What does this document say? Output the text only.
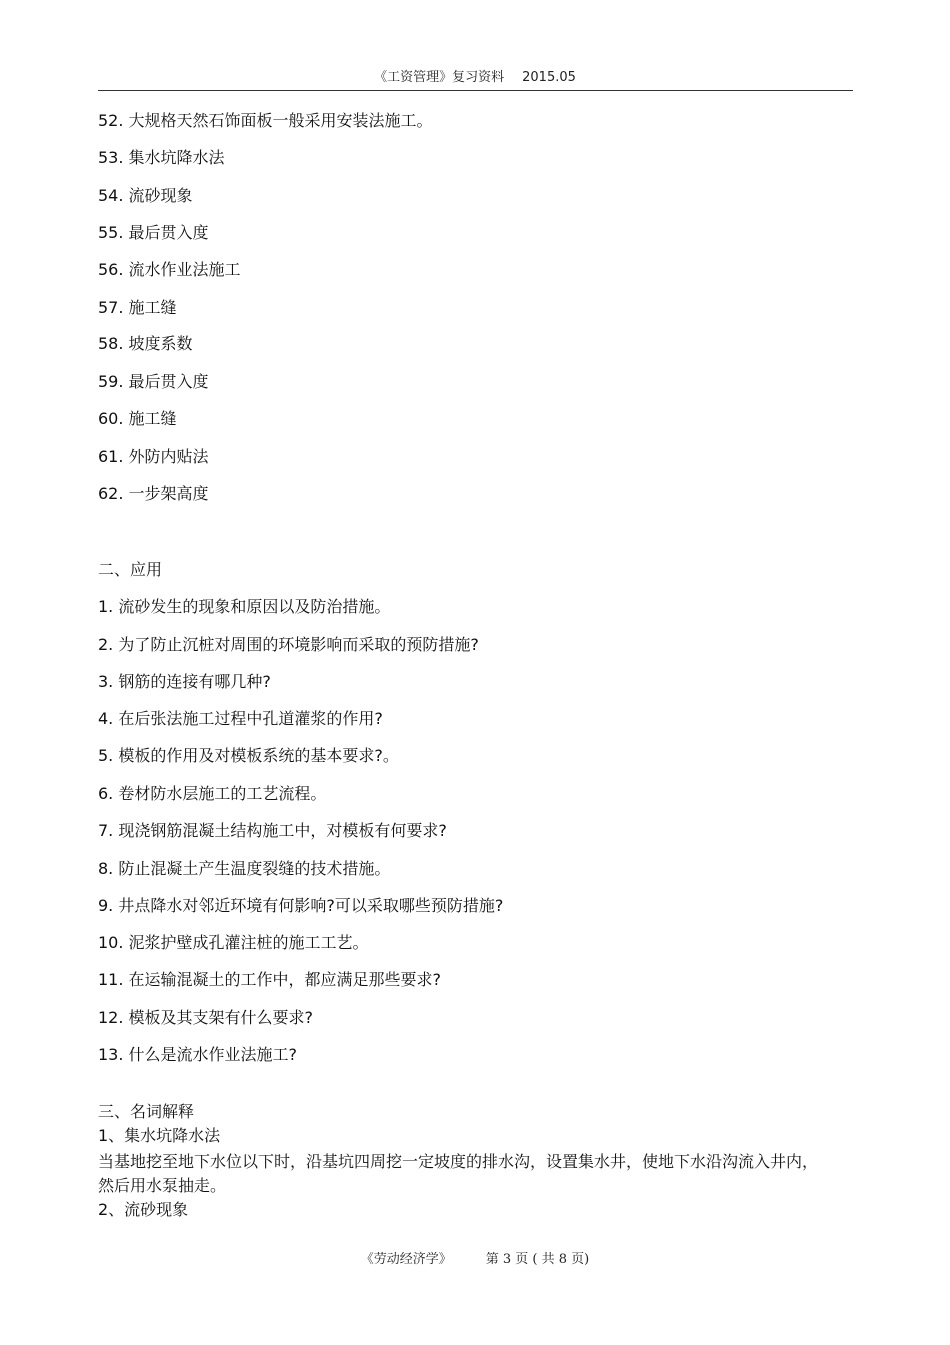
《工资管理》复习资料 2015.05
52. 大规格天然石饰面板一般采用安装法施工。
53. 集水坑降水法
54. 流砂现象
55. 最后贯入度
56. 流水作业法施工
57. 施工缝
58. 坡度系数
59. 最后贯入度
60. 施工缝
61. 外防内贴法
62. 一步架高度
二、应用
1. 流砂发生的现象和原因以及防治措施。
2. 为了防止沉桩对周围的环境影响而采取的预防措施?
3. 钢筋的连接有哪几种?
4. 在后张法施工过程中孔道灌浆的作用?
5. 模板的作用及对模板系统的基本要求?。
6. 卷材防水层施工的工艺流程。
7. 现浇钢筋混凝土结构施工中，对模板有何要求?
8. 防止混凝土产生温度裂缝的技术措施。
9. 井点降水对邻近环境有何影响?可以采取哪些预防措施?
10. 泥浆护壁成孔灌注桩的施工工艺。
11. 在运输混凝土的工作中，都应满足那些要求?
12. 模板及其支架有什么要求?
13. 什么是流水作业法施工?
三、名词解释
1、集水坑降水法
当基地挖至地下水位以下时，沿基坑四周挖一定坡度的排水沟，设置集水井，使地下水沿沟流入井内，然后用水泵抽走。
2、流砂现象
《劳动经济学》	第 3 页 ( 共 8 页)
